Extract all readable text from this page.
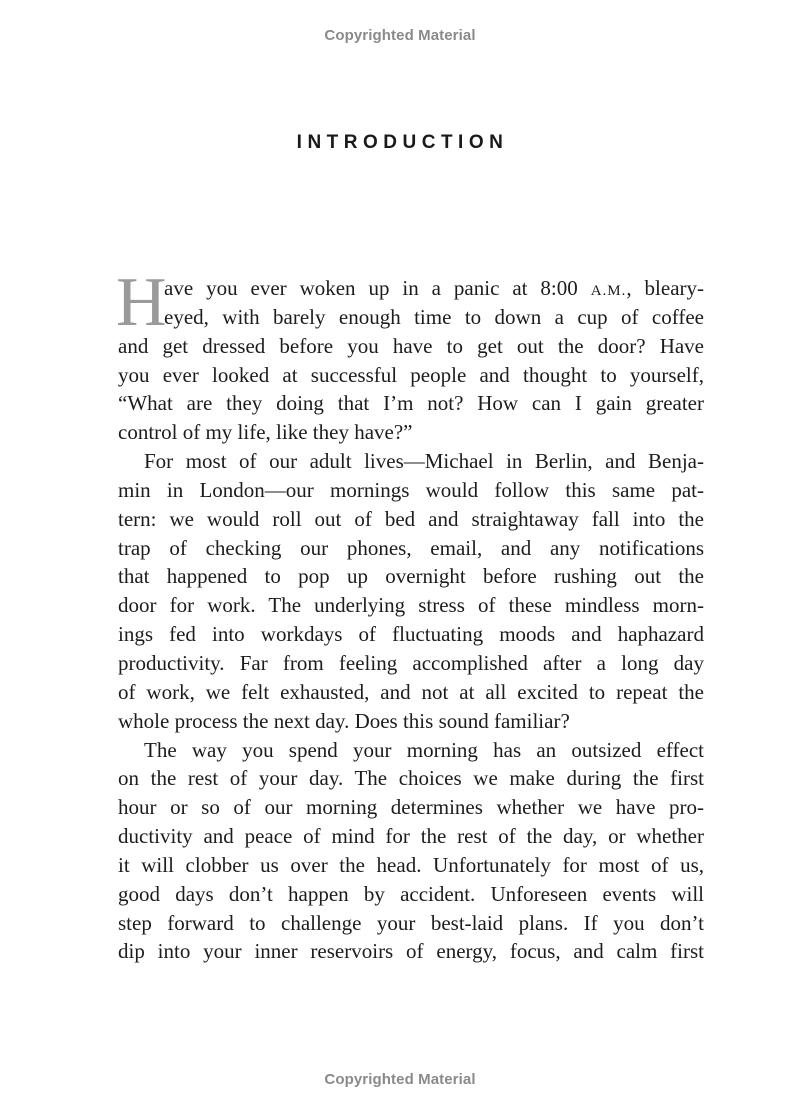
Copyrighted Material
INTRODUCTION
H
ave you ever woken up in a panic at 8:00 A.M., bleary-
eyed, with barely enough time to down a cup of coffee
and get dressed before you have to get out the door? Have
you ever looked at successful people and thought to yourself,
“What are they doing that I’m not? How can I gain greater
control of my life, like they have?”
For most of our adult lives—Michael in Berlin, and Benja-
min in London—our mornings would follow this same pat-
tern: we would roll out of bed and straightaway fall into the
trap of checking our phones, email, and any notifications
that happened to pop up overnight before rushing out the
door for work. The underlying stress of these mindless morn-
ings fed into workdays of fluctuating moods and haphazard
productivity. Far from feeling accomplished after a long day
of work, we felt exhausted, and not at all excited to repeat the
whole process the next day. Does this sound familiar?
The way you spend your morning has an outsized effect
on the rest of your day. The choices we make during the first
hour or so of our morning determines whether we have pro-
ductivity and peace of mind for the rest of the day, or whether
it will clobber us over the head. Unfortunately for most of us,
good days don’t happen by accident. Unforeseen events will
step forward to challenge your best-laid plans. If you don’t
dip into your inner reservoirs of energy, focus, and calm first
Copyrighted Material
